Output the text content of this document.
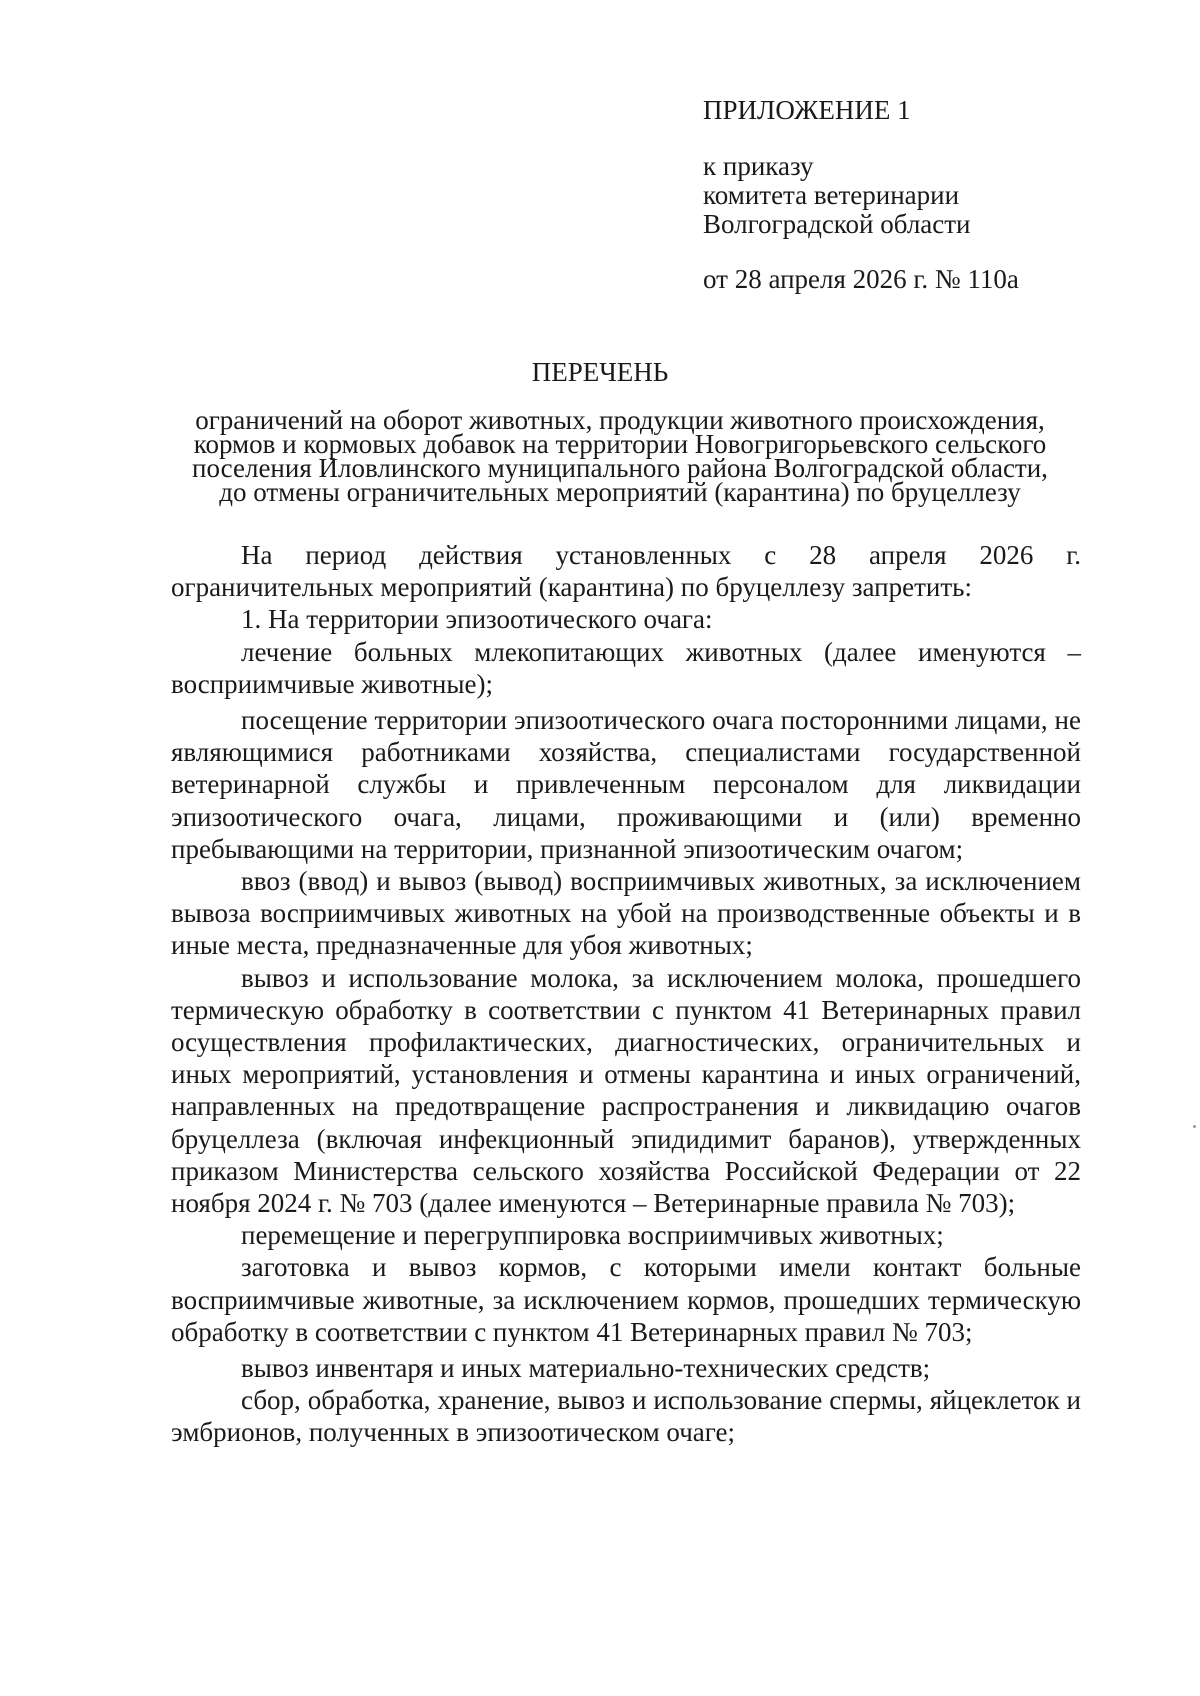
ПРИЛОЖЕНИЕ 1
к приказу
комитета ветеринарии
Волгоградской области
от 28 апреля 2026 г. № 110а
ПЕРЕЧЕНЬ
ограничений на оборот животных, продукции животного происхождения,
кормов и кормовых добавок на территории Новогригорьевского сельского
поселения Иловлинского муниципального района Волгоградской области,
до отмены ограничительных мероприятий (карантина) по бруцеллезу

На период действия установленных с 28 апреля 2026 г. ограничительных мероприятий (карантина) по бруцеллезу запретить:

1. На территории эпизоотического очага:

лечение больных млекопитающих животных (далее именуются – восприимчивые животные);

посещение территории эпизоотического очага посторонними лицами, не являющимися работниками хозяйства, специалистами государственной ветеринарной службы и привлеченным персоналом для ликвидации эпизоотического очага, лицами, проживающими и (или) временно пребывающими на территории, признанной эпизоотическим очагом;

ввоз (ввод) и вывоз (вывод) восприимчивых животных, за исключением вывоза восприимчивых животных на убой на производственные объекты и в иные места, предназначенные для убоя животных;

вывоз и использование молока, за исключением молока, прошедшего термическую обработку в соответствии с пунктом 41 Ветеринарных правил осуществления профилактических, диагностических, ограничительных и иных мероприятий, установления и отмены карантина и иных ограничений, направленных на предотвращение распространения и ликвидацию очагов бруцеллеза (включая инфекционный эпидидимит баранов), утвержденных приказом Министерства сельского хозяйства Российской Федерации от 22 ноября 2024 г. № 703 (далее именуются – Ветеринарные правила № 703);

перемещение и перегруппировка восприимчивых животных;

заготовка и вывоз кормов, с которыми имели контакт больные восприимчивые животные, за исключением кормов, прошедших термическую обработку в соответствии с пунктом 41 Ветеринарных правил № 703;

вывоз инвентаря и иных материально-технических средств;

сбор, обработка, хранение, вывоз и использование спермы, яйцеклеток и эмбрионов, полученных в эпизоотическом очаге;
